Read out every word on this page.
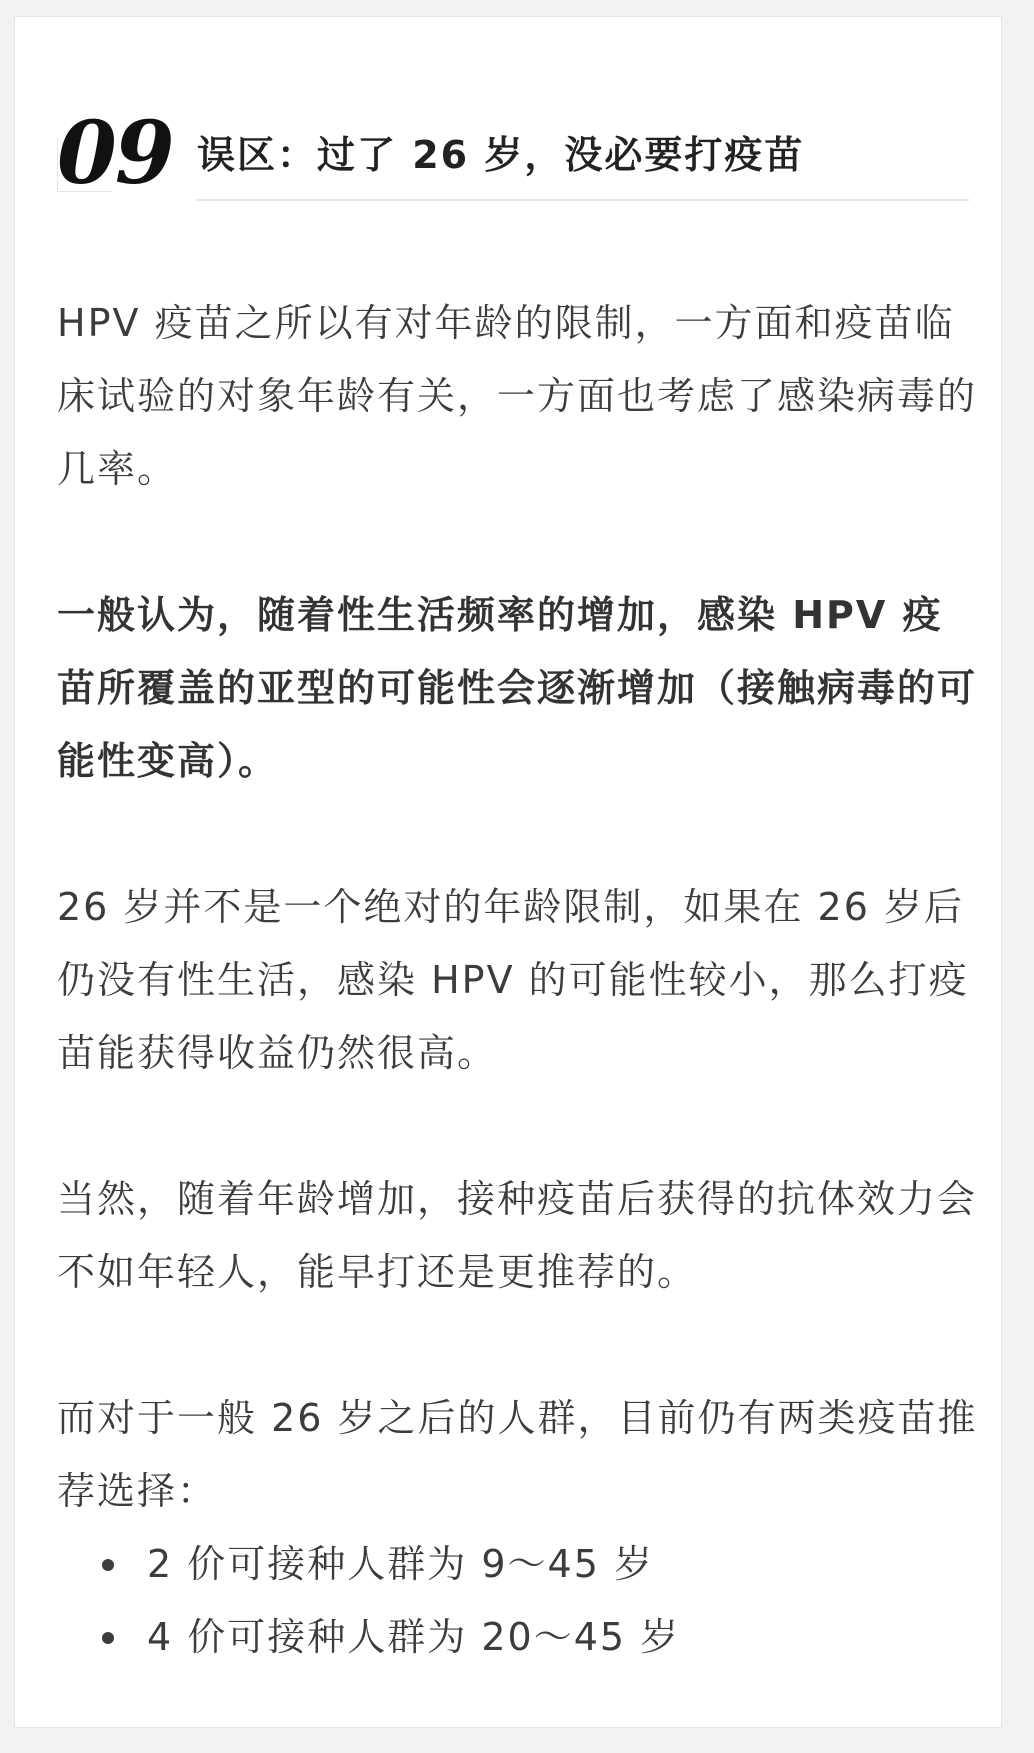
09 误区：过了 26 岁，没必要打疫苗

HPV 疫苗之所以有对年龄的限制，一方面和疫苗临床试验的对象年龄有关，一方面也考虑了感染病毒的几率。

一般认为，随着性生活频率的增加，感染 HPV 疫苗所覆盖的亚型的可能性会逐渐增加（接触病毒的可能性变高）。

26 岁并不是一个绝对的年龄限制，如果在 26 岁后仍没有性生活，感染 HPV 的可能性较小，那么打疫苗能获得收益仍然很高。

当然，随着年龄增加，接种疫苗后获得的抗体效力会不如年轻人，能早打还是更推荐的。

而对于一般 26 岁之后的人群，目前仍有两类疫苗推荐选择：

2 价可接种人群为 9～45 岁
4 价可接种人群为 20～45 岁
